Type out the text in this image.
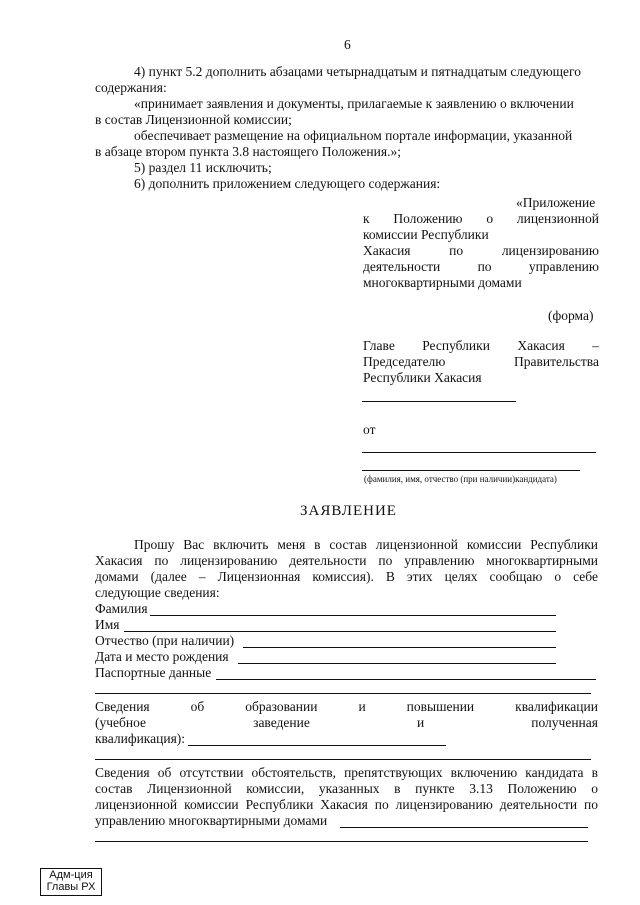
6
4) пункт 5.2 дополнить абзацами четырнадцатым и пятнадцатым следующего
содержания:
«принимает заявления и документы, прилагаемые к заявлению о включении
в состав Лицензионной комиссии;
обеспечивает размещение на официальном портале информации, указанной
в абзаце втором пункта 3.8 настоящего Положения.»;
5) раздел 11 исключить;
6) дополнить приложением следующего содержания:
«Приложение
к Положению о лицензионной
комиссии Республики
Хакасия	по	лицензированию
деятельности	по	управлению
многоквартирными домами
(форма)
Главе Республики Хакасия –
Председателю	Правительства
Республики Хакасия
от
(фамилия, имя, отчество (при наличии)кандидата)
ЗАЯВЛЕНИЕ
Прошу Вас включить меня в состав лицензионной комиссии Республики
Хакасия по лицензированию деятельности по управлению многоквартирными
домами (далее – Лицензионная комиссия). В этих целях сообщаю о себе
следующие сведения:
Фамилия
Имя
Отчество (при наличии)
Дата и место рождения
Паспортные данные
Сведения	об	образовании	и	повышении	квалификации
(учебное	заведение	и	полученная
квалификация):
Сведения об отсутствии обстоятельств, препятствующих включению кандидата в
состав Лицензионной комиссии, указанных в пункте 3.13 Положению о
лицензионной комиссии Республики Хакасия по лицензированию деятельности по
управлению многоквартирными домами
Адм-ция
Главы РХ
